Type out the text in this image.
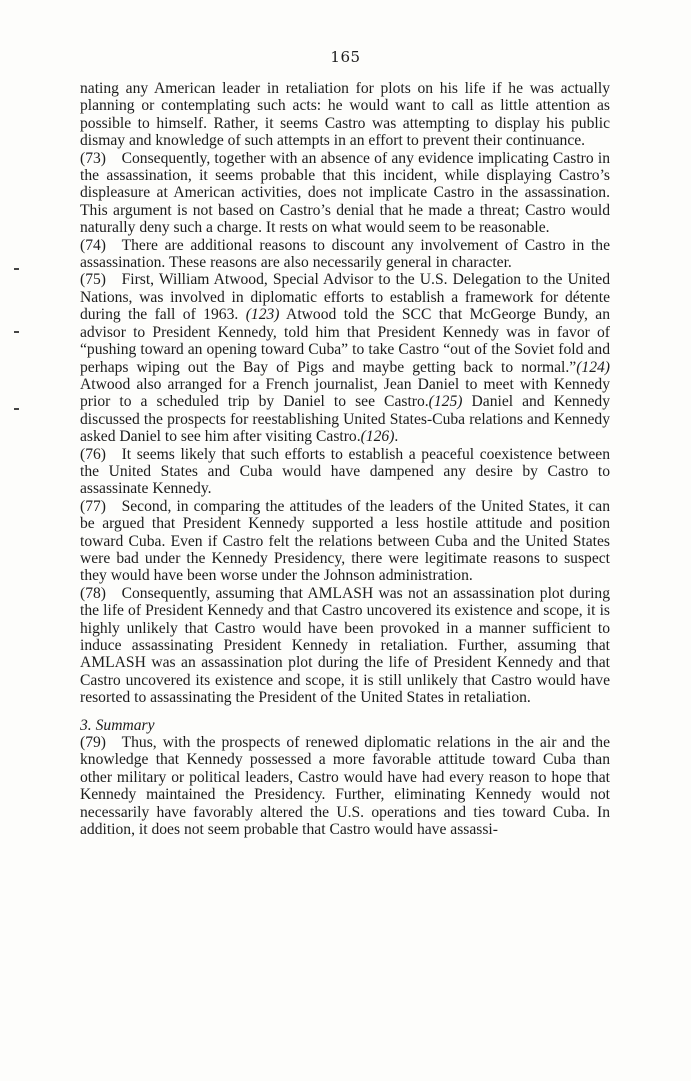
165

nating any American leader in retaliation for plots on his life if he was actually planning or contemplating such acts: he would want to call as little attention as possible to himself. Rather, it seems Castro was attempting to display his public dismay and knowledge of such attempts in an effort to prevent their continuance.

(73)  Consequently, together with an absence of any evidence implicating Castro in the assassination, it seems probable that this incident, while displaying Castro’s displeasure at American activities, does not implicate Castro in the assassination. This argument is not based on Castro’s denial that he made a threat; Castro would naturally deny such a charge. It rests on what would seem to be reasonable.

(74)  There are additional reasons to discount any involvement of Castro in the assassination. These reasons are also necessarily general in character.

(75)  First, William Atwood, Special Advisor to the U.S. Delegation to the United Nations, was involved in diplomatic efforts to establish a framework for détente during the fall of 1963. (123) Atwood told the SCC that McGeorge Bundy, an advisor to President Kennedy, told him that President Kennedy was in favor of “pushing toward an opening toward Cuba” to take Castro “out of the Soviet fold and perhaps wiping out the Bay of Pigs and maybe getting back to normal.”(124) Atwood also arranged for a French journalist, Jean Daniel to meet with Kennedy prior to a scheduled trip by Daniel to see Castro.(125) Daniel and Kennedy discussed the prospects for reestablishing United States-Cuba relations and Kennedy asked Daniel to see him after visiting Castro.(126).

(76)  It seems likely that such efforts to establish a peaceful coexistence between the United States and Cuba would have dampened any desire by Castro to assassinate Kennedy.

(77)  Second, in comparing the attitudes of the leaders of the United States, it can be argued that President Kennedy supported a less hostile attitude and position toward Cuba. Even if Castro felt the relations between Cuba and the United States were bad under the Kennedy Presidency, there were legitimate reasons to suspect they would have been worse under the Johnson administration.

(78)  Consequently, assuming that AMLASH was not an assassination plot during the life of President Kennedy and that Castro uncovered its existence and scope, it is highly unlikely that Castro would have been provoked in a manner sufficient to induce assassinating President Kennedy in retaliation. Further, assuming that AMLASH was an assassination plot during the life of President Kennedy and that Castro uncovered its existence and scope, it is still unlikely that Castro would have resorted to assassinating the President of the United States in retaliation.

3. Summary

(79)  Thus, with the prospects of renewed diplomatic relations in the air and the knowledge that Kennedy possessed a more favorable attitude toward Cuba than other military or political leaders, Castro would have had every reason to hope that Kennedy maintained the Presidency. Further, eliminating Kennedy would not necessarily have favorably altered the U.S. operations and ties toward Cuba. In addition, it does not seem probable that Castro would have assassi-
